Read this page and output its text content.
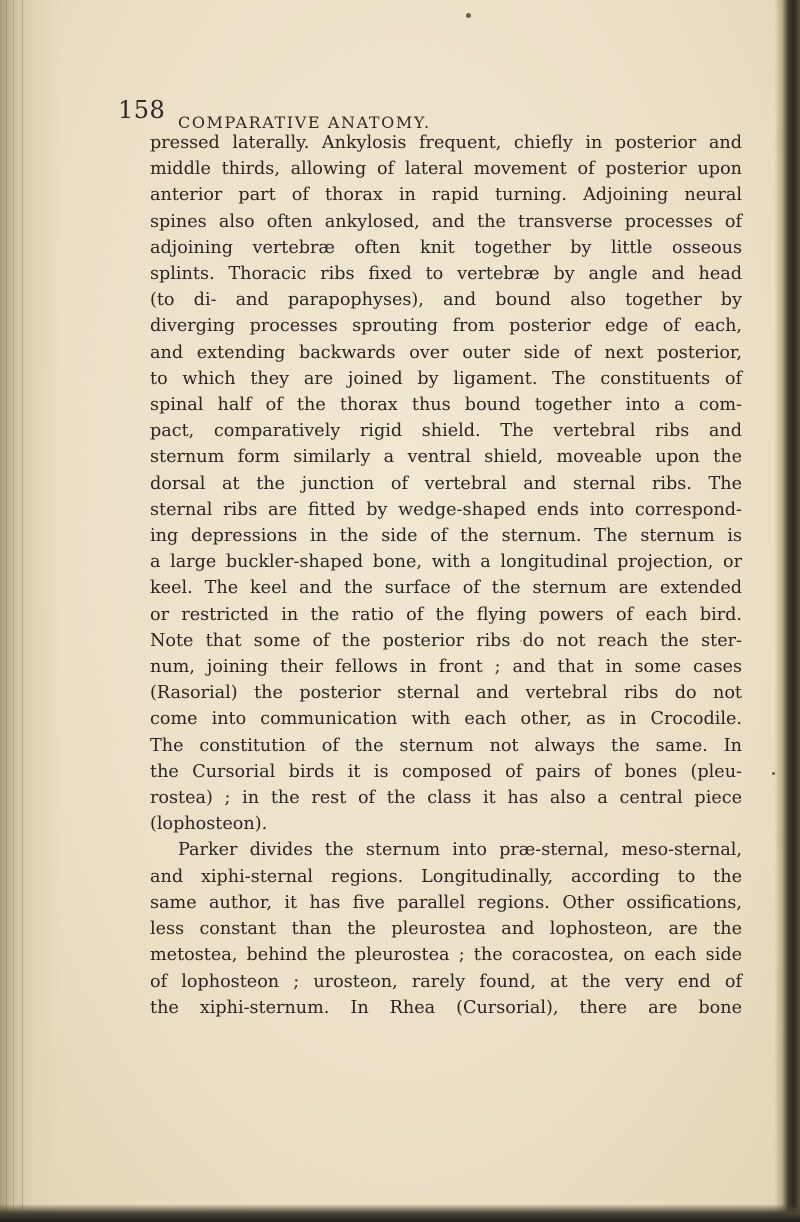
158 COMPARATIVE ANATOMY.
pressed laterally. Ankylosis frequent, chiefly in posterior and
middle thirds, allowing of lateral movement of posterior upon
anterior part of thorax in rapid turning. Adjoining neural
spines also often ankylosed, and the transverse processes of
adjoining vertebræ often knit together by little osseous
splints. Thoracic ribs fixed to vertebræ by angle and head
(to di- and parapophyses), and bound also together by
diverging processes sprouting from posterior edge of each,
and extending backwards over outer side of next posterior,
to which they are joined by ligament. The constituents of
spinal half of the thorax thus bound together into a com-
pact, comparatively rigid shield. The vertebral ribs and
sternum form similarly a ventral shield, moveable upon the
dorsal at the junction of vertebral and sternal ribs. The
sternal ribs are fitted by wedge-shaped ends into correspond-
ing depressions in the side of the sternum. The sternum is
a large buckler-shaped bone, with a longitudinal projection, or
keel. The keel and the surface of the sternum are extended
or restricted in the ratio of the flying powers of each bird.
Note that some of the posterior ribs do not reach the ster-
num, joining their fellows in front ; and that in some cases
(Rasorial) the posterior sternal and vertebral ribs do not
come into communication with each other, as in Crocodile.
The constitution of the sternum not always the same. In
the Cursorial birds it is composed of pairs of bones (pleu-
rostea) ; in the rest of the class it has also a central piece
(lophosteon).
Parker divides the sternum into præ-sternal, meso-sternal,
and xiphi-sternal regions. Longitudinally, according to the
same author, it has five parallel regions. Other ossifications,
less constant than the pleurostea and lophosteon, are the
metostea, behind the pleurostea ; the coracostea, on each side
of lophosteon ; urosteon, rarely found, at the very end of
the xiphi-sternum. In Rhea (Cursorial), there are bone
